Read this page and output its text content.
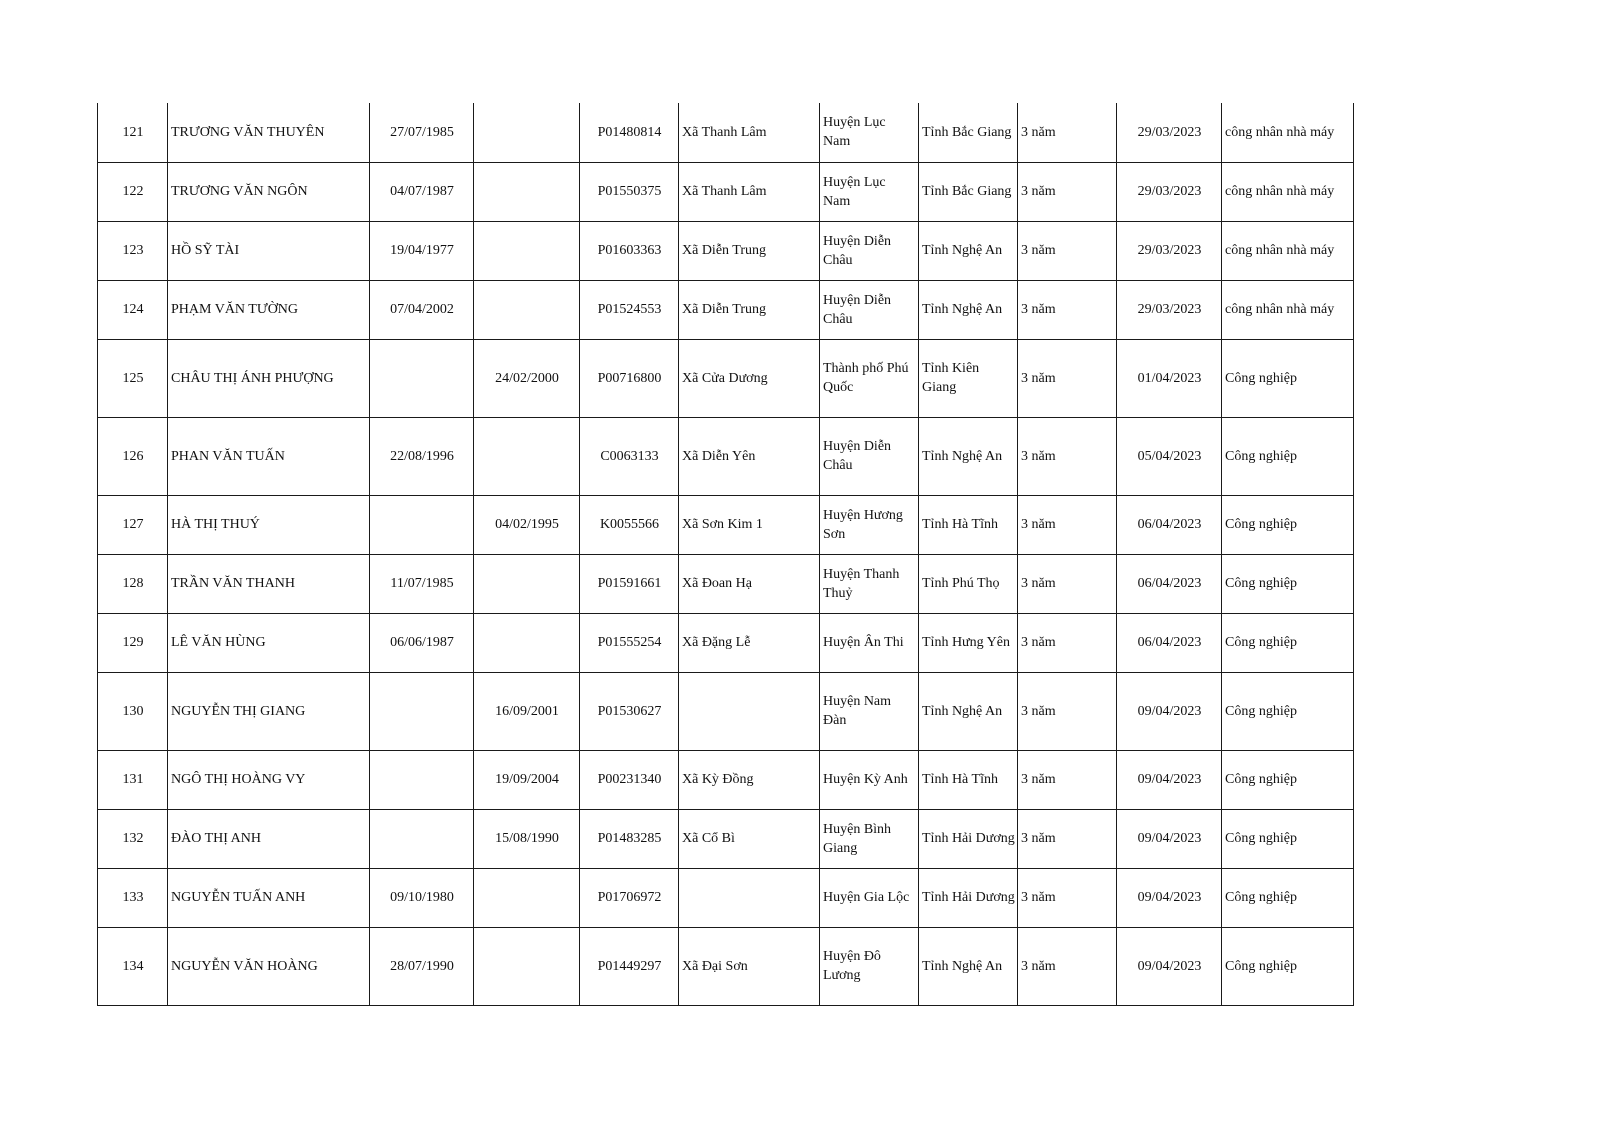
121	TRƯƠNG VĂN THUYÊN	27/07/1985		P01480814	Xã Thanh Lâm	Huyện Lục Nam	Tỉnh Bắc Giang	3 năm	29/03/2023	công nhân nhà máy
122	TRƯƠNG VĂN NGÔN	04/07/1987		P01550375	Xã Thanh Lâm	Huyện Lục Nam	Tỉnh Bắc Giang	3 năm	29/03/2023	công nhân nhà máy
123	HỒ SỸ TÀI	19/04/1977		P01603363	Xã Diễn Trung	Huyện Diễn Châu	Tỉnh Nghệ An	3 năm	29/03/2023	công nhân nhà máy
124	PHẠM VĂN TƯỜNG	07/04/2002		P01524553	Xã Diễn Trung	Huyện Diễn Châu	Tỉnh Nghệ An	3 năm	29/03/2023	công nhân nhà máy
125	CHÂU THỊ ÁNH PHƯỢNG		24/02/2000	P00716800	Xã Cửa Dương	Thành phố Phú Quốc	Tỉnh Kiên Giang	3 năm	01/04/2023	Công nghiệp
126	PHAN VĂN TUẤN	22/08/1996		C0063133	Xã Diễn Yên	Huyện Diễn Châu	Tỉnh Nghệ An	3 năm	05/04/2023	Công nghiệp
127	HÀ THỊ THUÝ		04/02/1995	K0055566	Xã Sơn Kim 1	Huyện Hương Sơn	Tỉnh Hà Tĩnh	3 năm	06/04/2023	Công nghiệp
128	TRẦN VĂN THANH	11/07/1985		P01591661	Xã Đoan Hạ	Huyện Thanh Thuỷ	Tỉnh Phú Thọ	3 năm	06/04/2023	Công nghiệp
129	LÊ VĂN HÙNG	06/06/1987		P01555254	Xã Đặng Lễ	Huyện Ân Thi	Tỉnh Hưng Yên	3 năm	06/04/2023	Công nghiệp
130	NGUYỄN THỊ GIANG		16/09/2001	P01530627		Huyện Nam Đàn	Tỉnh Nghệ An	3 năm	09/04/2023	Công nghiệp
131	NGÔ THỊ HOÀNG VY		19/09/2004	P00231340	Xã Kỳ Đồng	Huyện Kỳ Anh	Tỉnh Hà Tĩnh	3 năm	09/04/2023	Công nghiệp
132	ĐÀO THỊ ANH		15/08/1990	P01483285	Xã Cổ Bì	Huyện Bình Giang	Tỉnh Hải Dương	3 năm	09/04/2023	Công nghiệp
133	NGUYỄN TUẤN ANH	09/10/1980		P01706972		Huyện Gia Lộc	Tỉnh Hải Dương	3 năm	09/04/2023	Công nghiệp
134	NGUYỄN VĂN HOÀNG	28/07/1990		P01449297	Xã Đại Sơn	Huyện Đô Lương	Tỉnh Nghệ An	3 năm	09/04/2023	Công nghiệp
